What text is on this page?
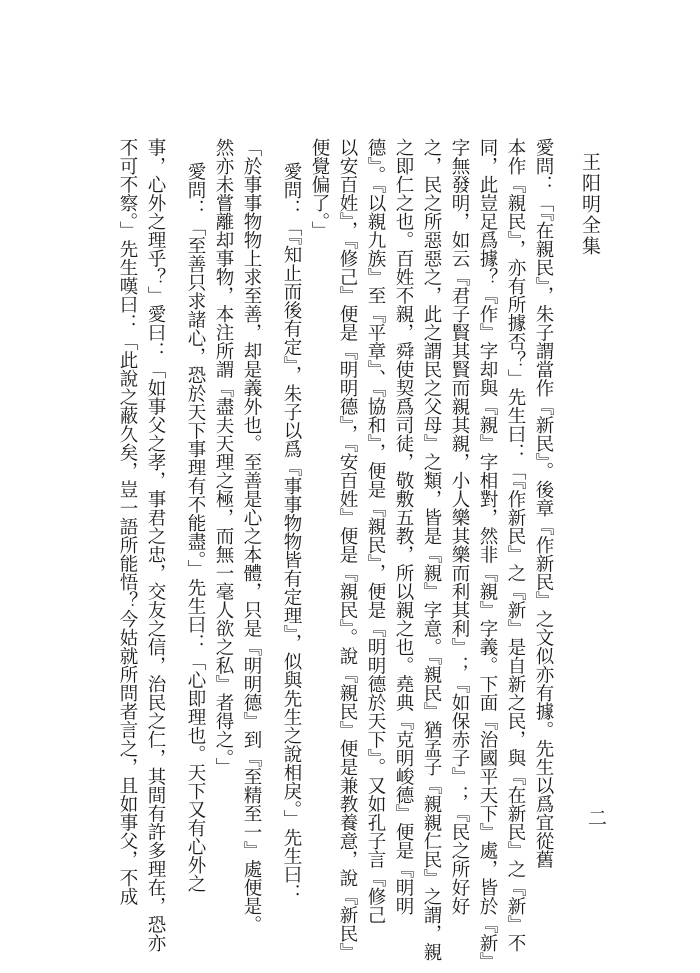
王阳明全集
二
愛問：「『在親民』，朱子謂當作『新民』。後章『作新民』之文似亦有據。先生以爲宜從舊
本作『親民』，亦有所據否？」先生曰：「『作新民』之『新』是自新之民，與『在新民』之『新』不
同，此豈足爲據？『作』字却與『親』字相對，然非『親』字義。下面『治國平天下』處，皆於『新』
字無發明，如云『君子賢其賢而親其親，小人樂其樂而利其利』；『如保赤子』；『民之所好好
之，民之所惡惡之，此之謂民之父母』之類，皆是『親』字意。『親民』猶孟子『親親仁民』之謂，親
之即仁之也。百姓不親，舜使契爲司徒，敬敷五教，所以親之也。堯典『克明峻德』便是『明明
德』。『以親九族』至『平章』、『協和』，便是『親民』，便是『明明德於天下』。又如孔子言『修己
以安百姓』，『修己』便是『明明德』，『安百姓』便是『親民』。說『親民』便是兼教養意，說『新民』
便覺偏了。」
愛問：「『知止而後有定』，朱子以爲『事事物物皆有定理』，似與先生之說相戾。」先生曰：
「於事事物物上求至善，却是義外也。至善是心之本體，只是『明明德』到『至精至一』處便是。
然亦未嘗離却事物，本注所謂『盡夫天理之極，而無一毫人欲之私』者得之。」
愛問：「至善只求諸心，恐於天下事理有不能盡。」先生曰：「心即理也。天下又有心外之
事，心外之理乎？」愛曰：「如事父之孝，事君之忠，交友之信，治民之仁，其間有許多理在，恐亦
不可不察。」先生嘆曰：「此說之蔽久矣，豈一語所能悟？今姑就所問者言之，且如事父，不成
